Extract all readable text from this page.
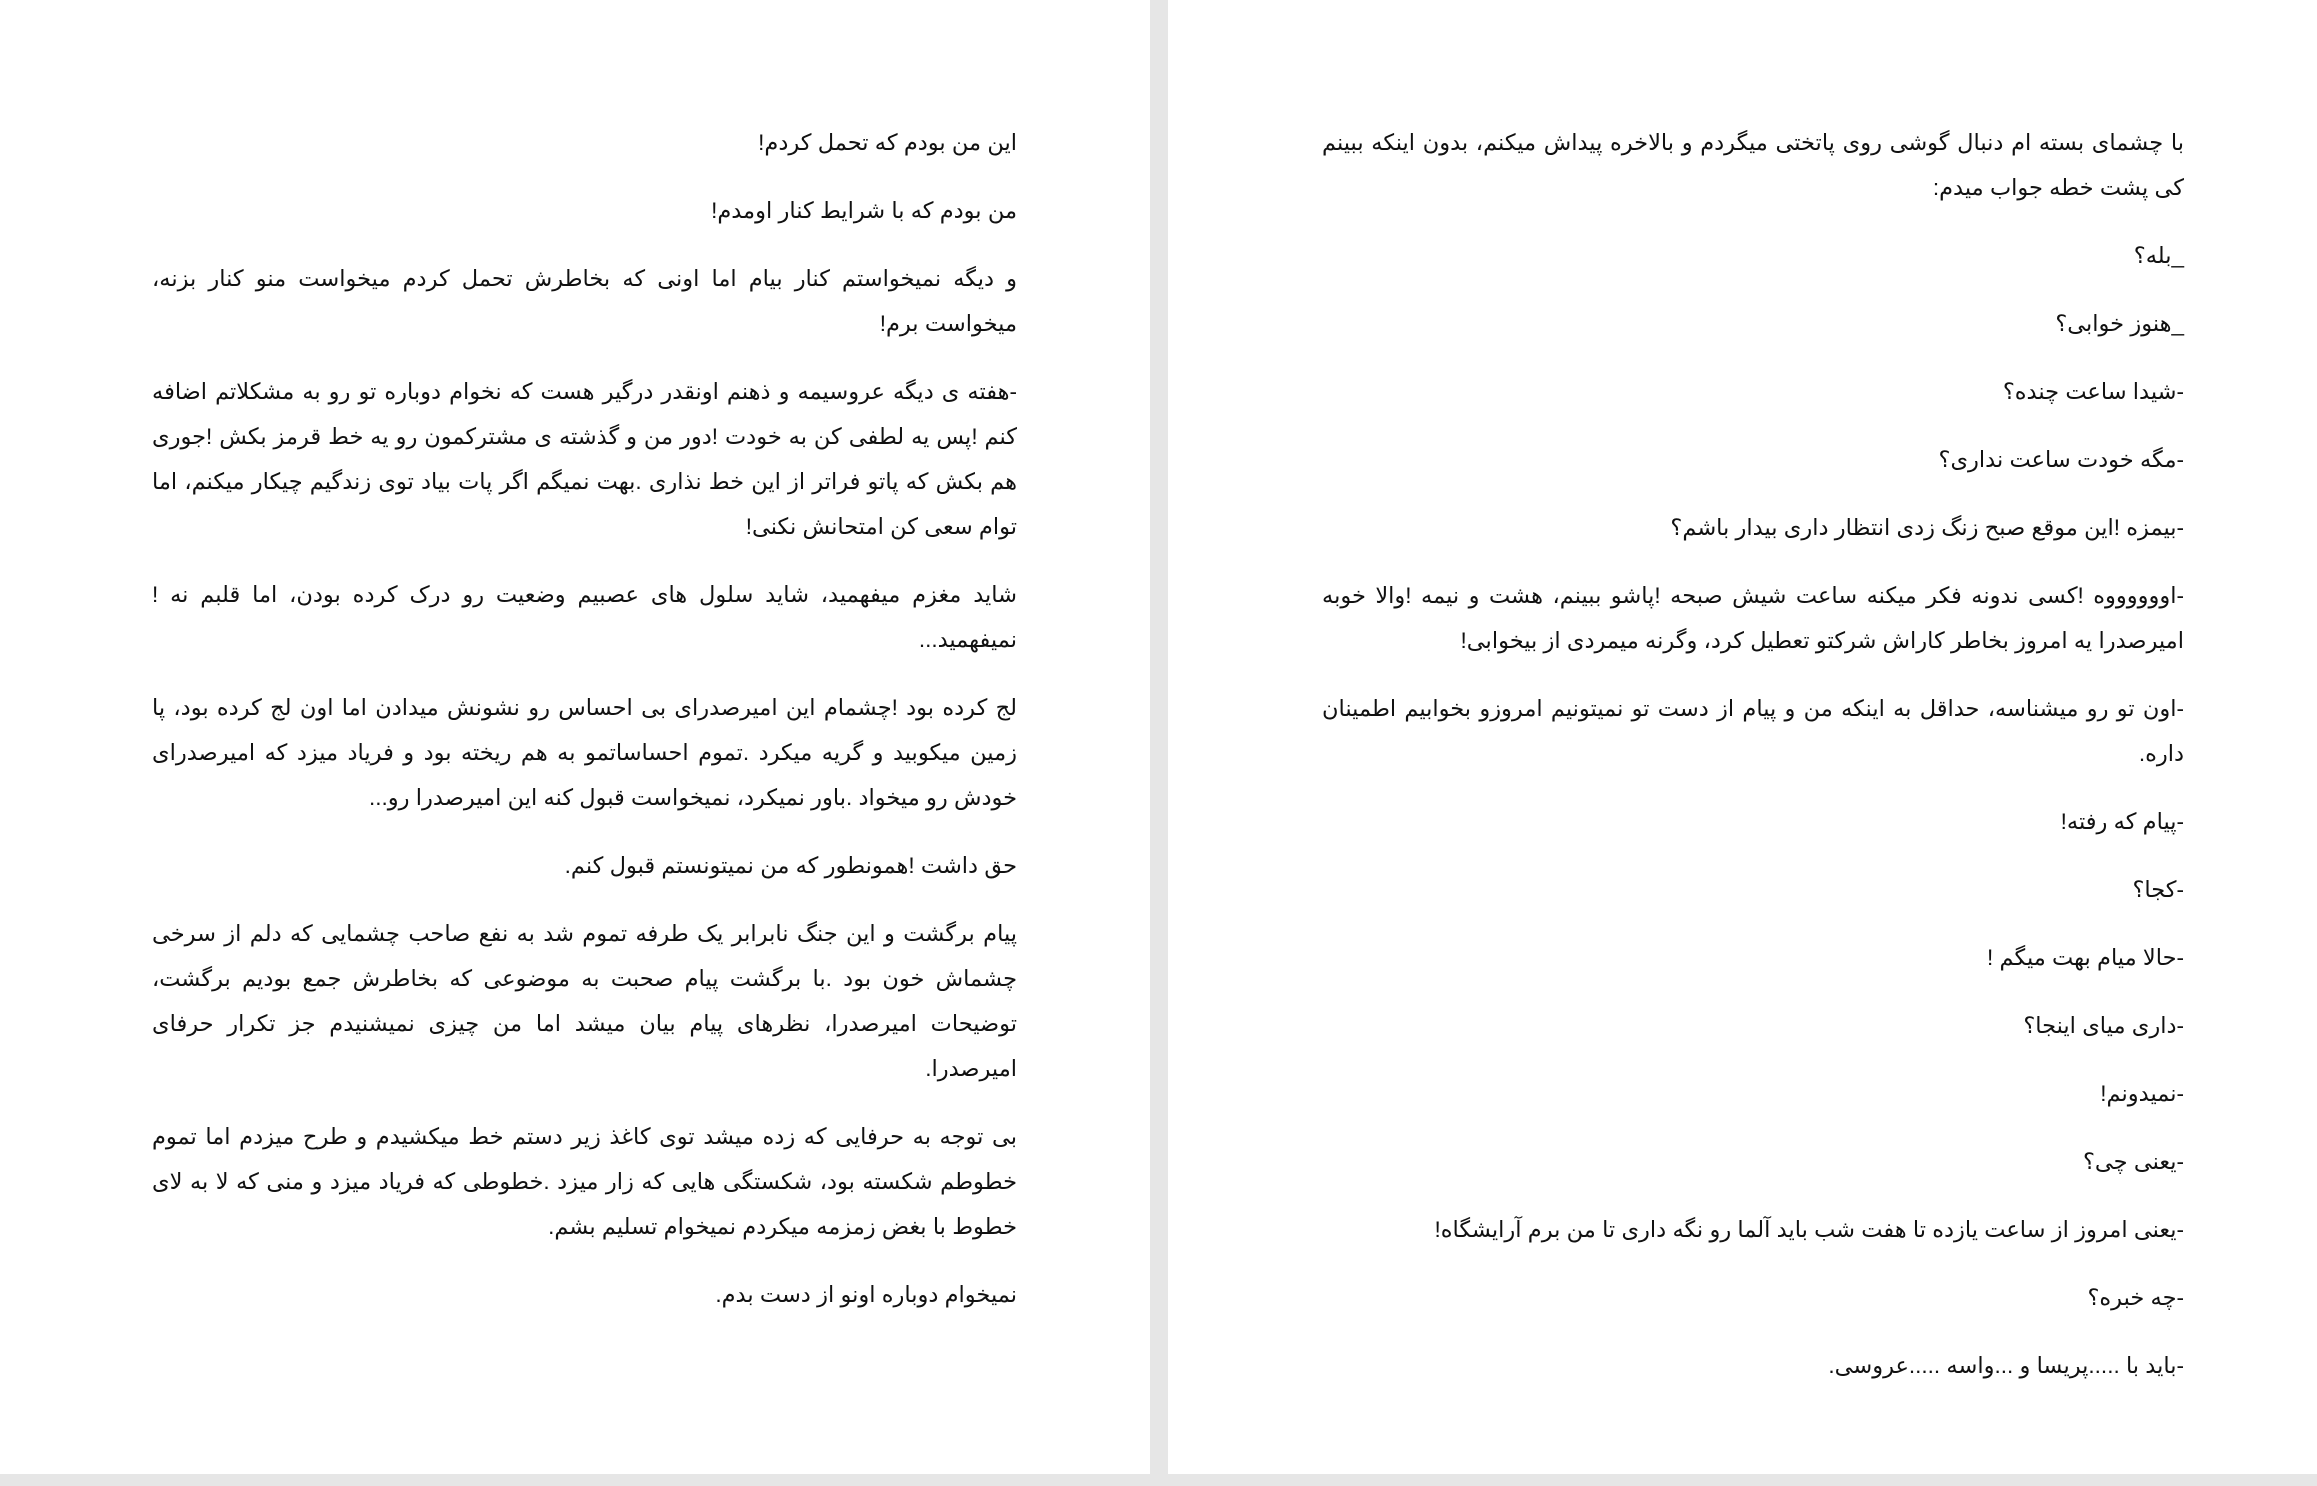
این من بودم که تحمل کردم!

من بودم که با شرایط کنار اومدم!

و دیگه نمیخواستم کنار بیام اما اونی که بخاطرش تحمل کردم میخواست منو کنار بزنه، میخواست برم!

-هفته ی دیگه عروسیمه و ذهنم اونقدر درگیر هست که نخوام دوباره تو رو به مشکلاتم اضافه کنم !پس یه لطفی کن به خودت !دور من و گذشته ی مشترکمون رو یه خط قرمز بکش !جوری هم بکش که پاتو فراتر از این خط نذاری .بهت نمیگم اگر پات بیاد توی زندگیم چیکار میکنم، اما توام سعی کن امتحانش نکنی!

شاید مغزم میفهمید، شاید سلول های عصبیم وضعیت رو درک کرده بودن، اما قلبم نه !نمیفهمید...

لج کرده بود !چشمام این امیرصدرای بی احساس رو نشونش میدادن اما اون لج کرده بود، پا زمین میکوبید و گریه میکرد .تموم احساساتمو به هم ریخته بود و فریاد میزد که امیرصدرای خودش رو میخواد .باور نمیکرد، نمیخواست قبول کنه این امیرصدرا رو...

حق داشت !همونطور که من نمیتونستم قبول کنم.

پیام برگشت و این جنگ نابرابر یک طرفه تموم شد به نفع صاحب چشمایی که دلم از سرخی چشماش خون بود .با برگشت پیام صحبت به موضوعی که بخاطرش جمع بودیم برگشت، توضیحات امیرصدرا، نظرهای پیام بیان میشد اما من چیزی نمیشنیدم جز تکرار حرفای امیرصدرا.

بی توجه به حرفایی که زده میشد توی کاغذ زیر دستم خط میکشیدم و طرح میزدم اما تموم خطوطم شکسته بود، شکستگی هایی که زار میزد .خطوطی که فریاد میزد و منی که لا به لای خطوط با بغض زمزمه میکردم نمیخوام تسلیم بشم.

نمیخوام دوباره اونو از دست بدم.

با چشمای بسته ام دنبال گوشی روی پاتختی میگردم و بالاخره پیداش میکنم، بدون اینکه ببینم کی پشت خطه جواب میدم:

_بله؟

_هنوز خوابی؟

-شیدا ساعت چنده؟

-مگه خودت ساعت نداری؟

-بیمزه !این موقع صبح زنگ زدی انتظار داری بیدار باشم؟

-اووووووه !کسی ندونه فکر میکنه ساعت شیش صبحه !پاشو ببینم، هشت و نیمه !والا خوبه امیرصدرا یه امروز بخاطر کاراش شرکتو تعطیل کرد، وگرنه میمردی از بیخوابی!

-اون تو رو میشناسه، حداقل به اینکه من و پیام از دست تو نمیتونیم امروزو بخوابیم اطمینان داره.

-پیام که رفته!

-کجا؟

-حالا میام بهت میگم !

-داری میای اینجا؟

-نمیدونم!

-یعنی چی؟

-یعنی امروز از ساعت یازده تا هفت شب باید آلما رو نگه داری تا من برم آرایشگاه!

-چه خبره؟

-باید با .....پریسا و ...واسه .....عروسی.
